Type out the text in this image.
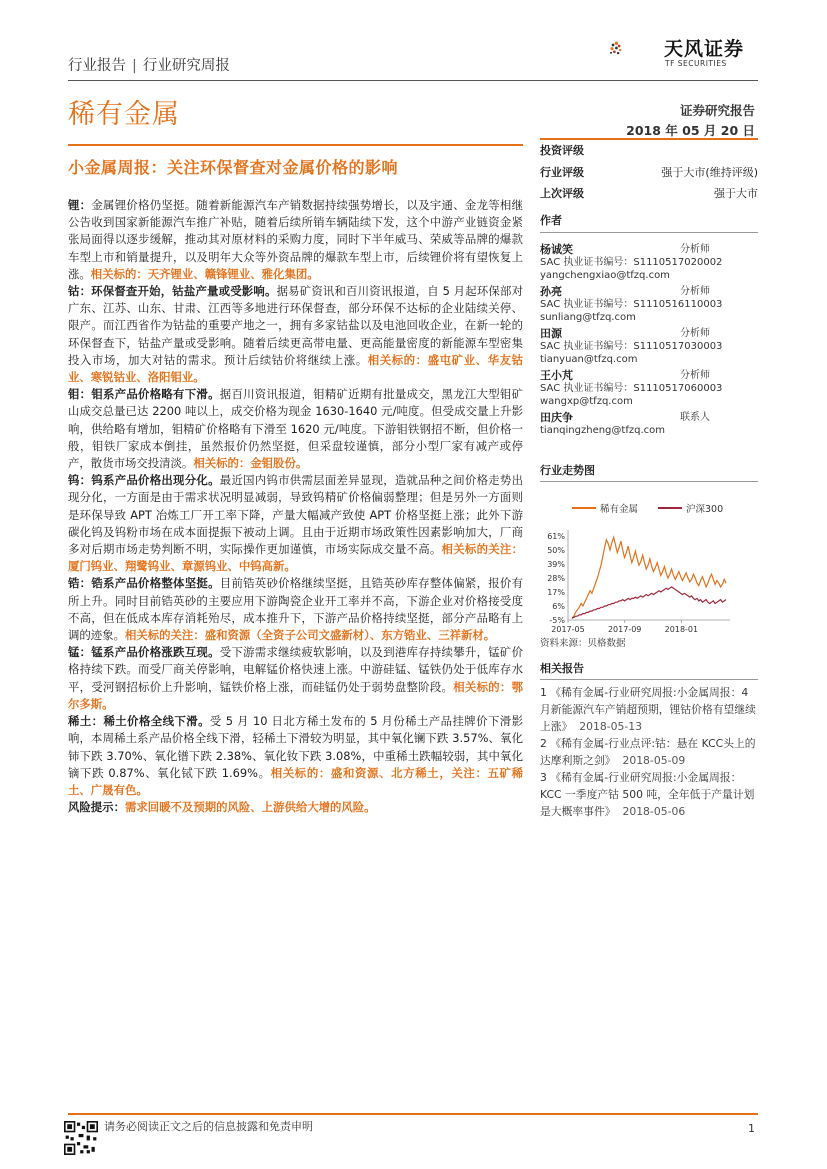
行业报告 | 行业研究周报
天风证券
TF SECURITIES
稀有金属	证券研究报告
2018 年 05 月 20 日
小金属周报：关注环保督查对金属价格的影响
投资评级
行业评级	强于大市(维持评级)
上次评级	强于大市
作者
杨诚笑	分析师
SAC 执业证书编号：S1110517020002
yangchengxiao@tfzq.com
孙亮	分析师
SAC 执业证书编号：S1110516110003
sunliang@tfzq.com
田源	分析师
SAC 执业证书编号：S1110517030003
tianyuan@tfzq.com
王小芃	分析师
SAC 执业证书编号：S1110517060003
wangxp@tfzq.com
田庆争	联系人
tianqingzheng@tfzq.com
行业走势图
稀有金属	沪深300
61%
50%
39%
28%
17%
6%
-5%
2017-05	2017-09	2018-01
资料来源：贝格数据
相关报告
1 《稀有金属-行业研究周报:小金属周报：4 月新能源汽车产销超预期，锂钴价格有望继续上涨》 2018-05-13
2 《稀有金属-行业点评:钴：悬在 KCC头上的达摩利斯之剑》 2018-05-09
3 《稀有金属-行业研究周报:小金属周报：KCC 一季度产钴 500 吨，全年低于产量计划是大概率事件》 2018-05-06

锂：金属锂价格仍坚挺。随着新能源汽车产销数据持续强势增长，以及宇通、金龙等相继公告收到国家新能源汽车推广补贴，随着后续所销车辆陆续下发，这个中游产业链资金紧张局面得以逐步缓解，推动其对原材料的采购力度，同时下半年威马、荣威等品牌的爆款车型上市和销量提升，以及明年大众等外资品牌的爆款车型上市，后续锂价将有望恢复上涨。相关标的：天齐锂业、赣锋锂业、雅化集团。

钴：环保督查开始，钴盐产量或受影响。据易矿资讯和百川资讯报道，自 5 月起环保部对广东、江苏、山东、甘肃、江西等多地进行环保督查，部分环保不达标的企业陆续关停、限产。而江西省作为钴盐的重要产地之一，拥有多家钴盐以及电池回收企业，在新一轮的环保督查下，钴盐产量或受影响。随着后续更高带电量、更高能量密度的新能源车型密集投入市场，加大对钴的需求。预计后续钴价将继续上涨。相关标的：盛屯矿业、华友钴业、寒锐钴业、洛阳钼业。

钼：钼系产品价格略有下滑。据百川资讯报道，钼精矿近期有批量成交，黑龙江大型钼矿山成交总量已达 2200 吨以上，成交价格为现金 1630-1640 元/吨度。但受成交量上升影响，供给略有增加，钼精矿价格略有下滑至 1620 元/吨度。下游钼铁钢招不断，但价格一般，钼铁厂家成本倒挂，虽然报价仍然坚挺，但采盘较谨慎，部分小型厂家有减产或停产，散货市场交投清淡。相关标的：金钼股份。

钨：钨系产品价格出现分化。最近国内钨市供需层面差异显现，造就品种之间价格走势出现分化，一方面是由于需求状况明显减弱，导致钨精矿价格偏弱整理；但是另外一方面则是环保导致 APT 冶炼工厂开工率下降，产量大幅减产致使 APT 价格坚挺上涨；此外下游碳化钨及钨粉市场在成本面提振下被动上调。且由于近期市场政策性因素影响加大，厂商多对后期市场走势判断不明，实际操作更加谨慎，市场实际成交量不高。相关标的关注：厦门钨业、翔鹭钨业、章源钨业、中钨高新。

锆：锆系产品价格整体坚挺。目前锆英砂价格继续坚挺，且锆英砂库存整体偏紧，报价有所上升。同时目前锆英砂的主要应用下游陶瓷企业开工率并不高，下游企业对价格接受度不高，但在低成本库存消耗殆尽，成本推升下，下游产品价格持续坚挺，部分产品略有上调的迹象。相关标的关注：盛和资源（全资子公司文盛新材）、东方锆业、三祥新材。

锰：锰系产品价格涨跌互现。受下游需求继续疲软影响，以及到港库存持续攀升，锰矿价格持续下跌。而受厂商关停影响，电解锰价格快速上涨。中游硅锰、锰铁仍处于低库存水平，受河钢招标价上升影响，锰铁价格上涨，而硅锰仍处于弱势盘整阶段。相关标的：鄂尔多斯。

稀土：稀土价格全线下滑。受 5 月 10 日北方稀土发布的 5 月份稀土产品挂牌价下滑影响，本周稀土系产品价格全线下滑，轻稀土下滑较为明显，其中氧化镧下跌 3.57%、氧化铈下跌 3.70%、氧化镨下跌 2.38%、氧化钕下跌 3.08%，中重稀土跌幅较弱，其中氧化镝下跌 0.87%、氧化铽下跌 1.69%。相关标的：盛和资源、北方稀土，关注：五矿稀土、广晟有色。

风险提示：需求回暖不及预期的风险、上游供给大增的风险。

请务必阅读正文之后的信息披露和免责申明	1
